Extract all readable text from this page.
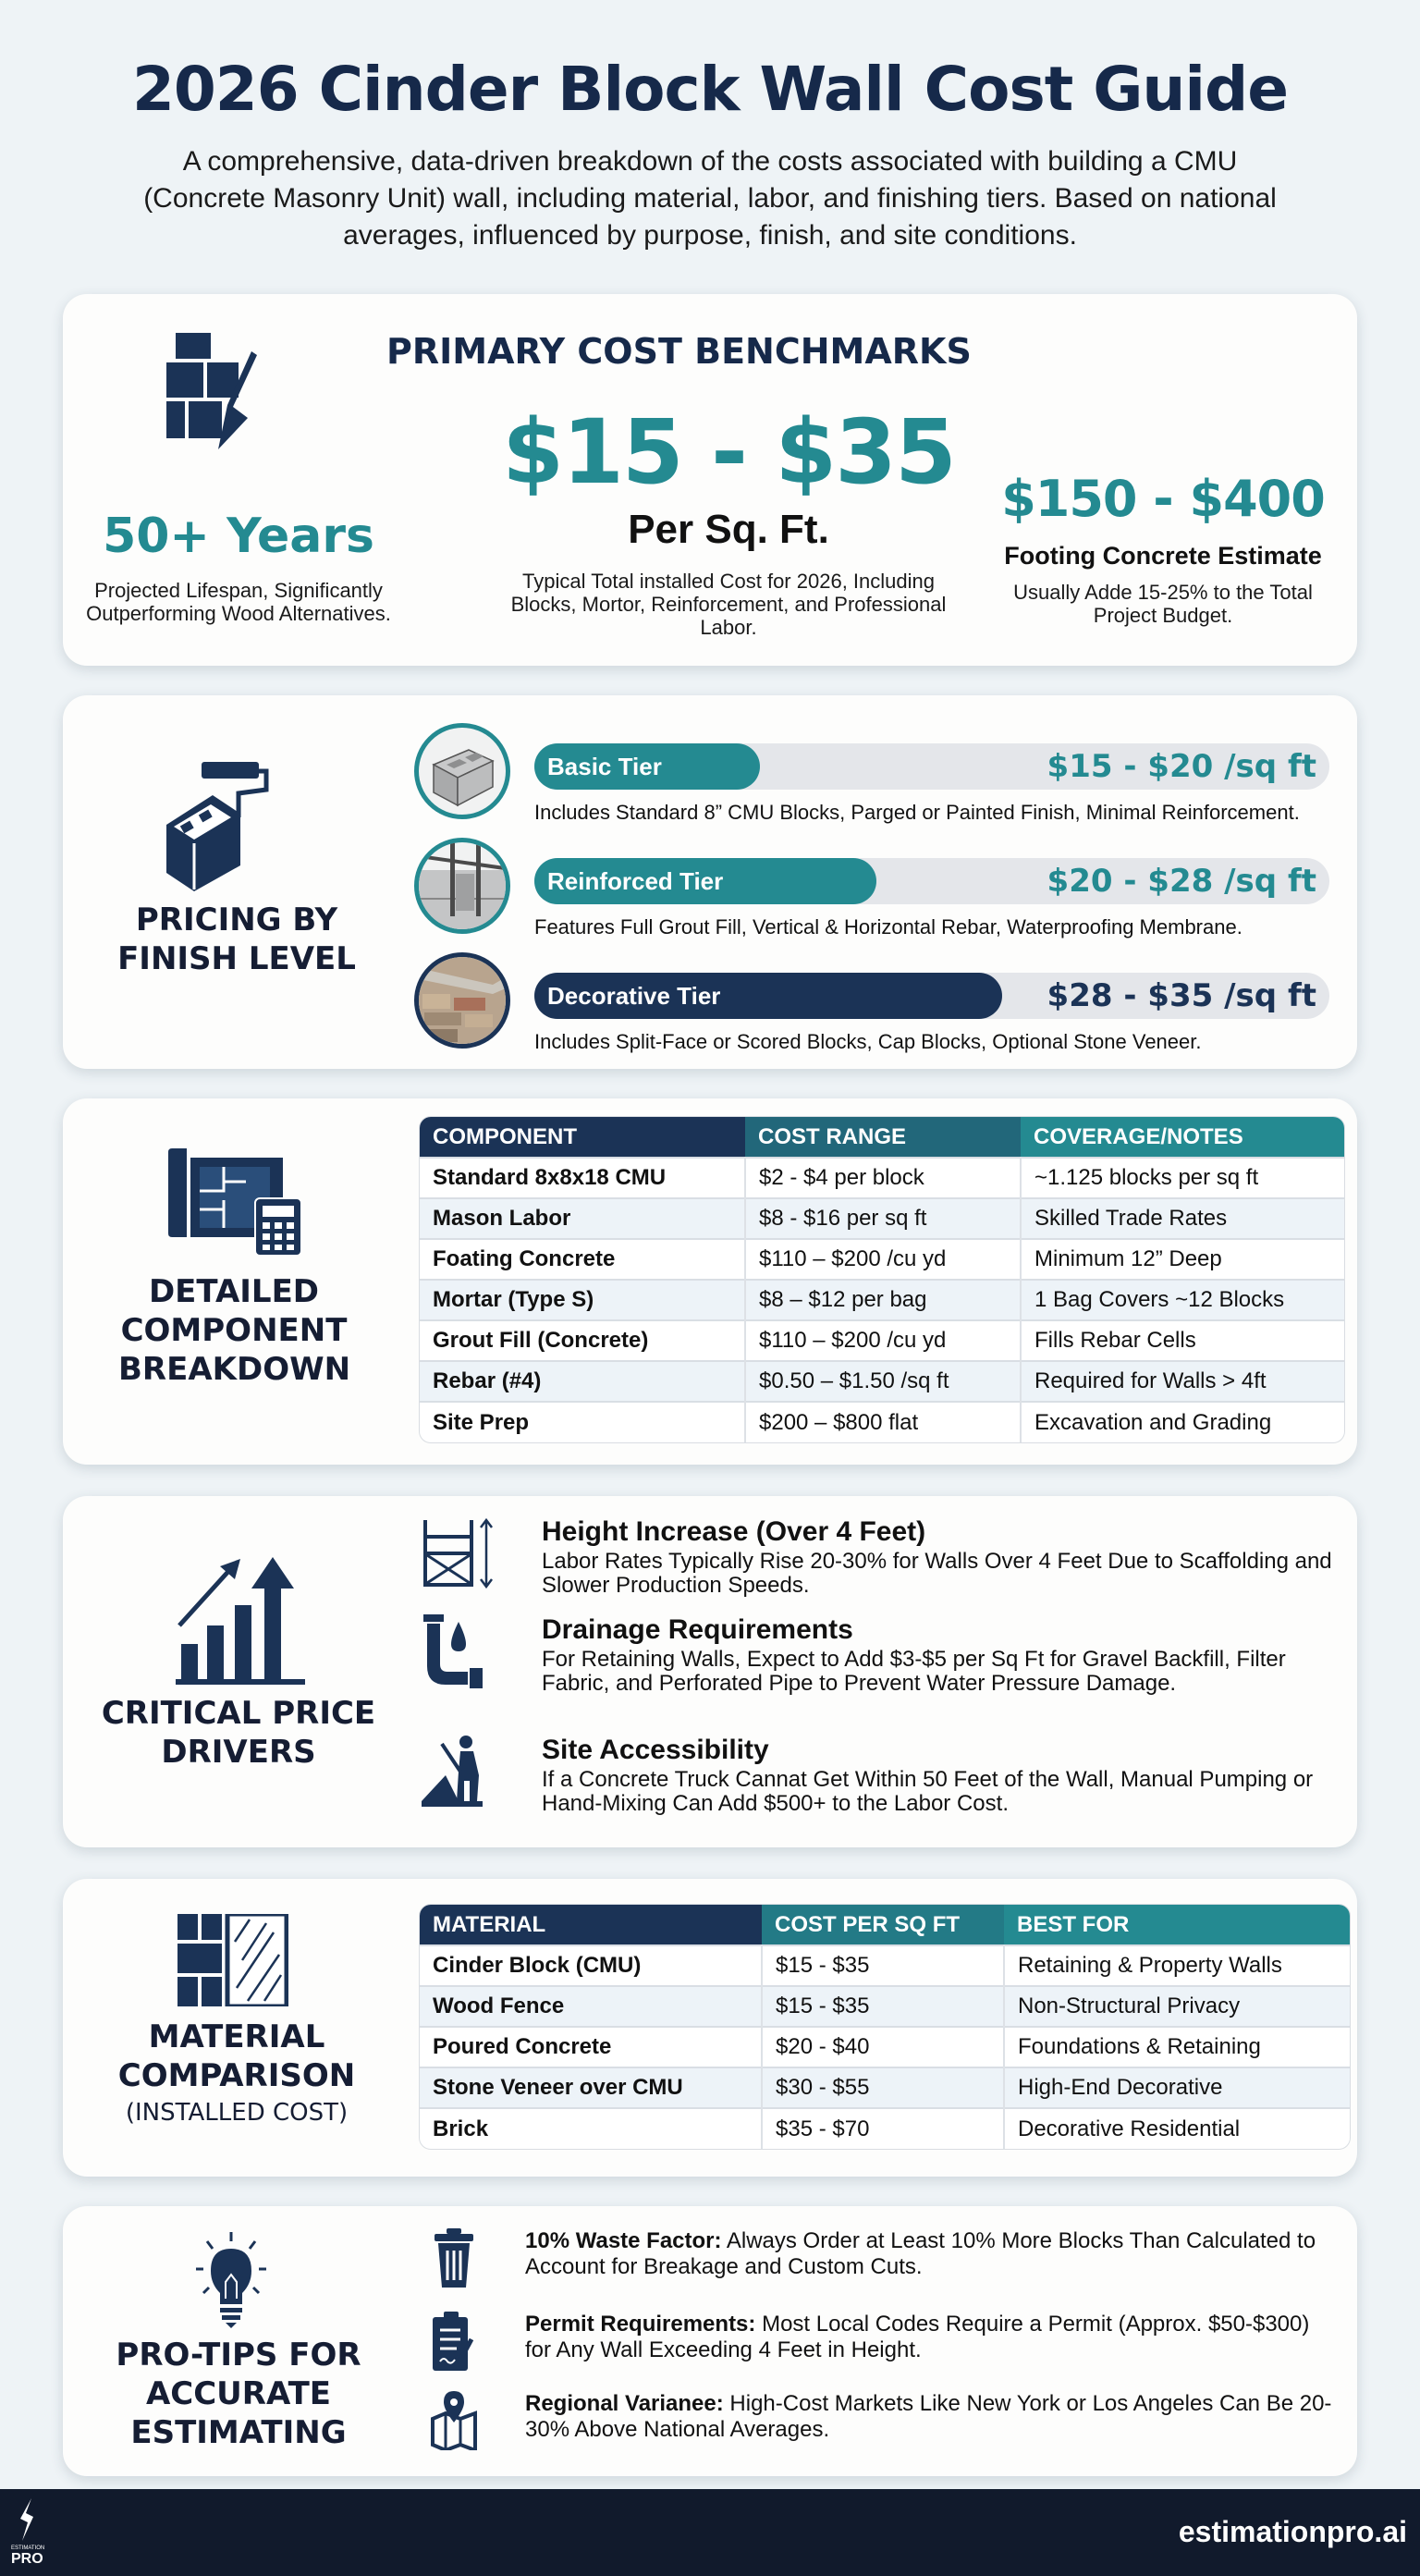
2026 Cinder Block Wall Cost Guide

A comprehensive, data-driven breakdown of the costs associated with building a CMU (Concrete Masonry Unit) wall, including material, labor, and finishing tiers. Based on national averages, influenced by purpose, finish, and site conditions.

PRIMARY COST BENCHMARKS
50+ Years
Projected Lifespan, Significantly Outperforming Wood Alternatives.
$15 - $35
Per Sq. Ft.
Typical Total installed Cost for 2026, Including Blocks, Mortor, Reinforcement, and Professional Labor.
$150 - $400
Footing Concrete Estimate
Usually Adde 15-25% to the Total Project Budget.
PRICING BY FINISH LEVEL
Basic Tier	$15 - $20 /sq ft
Includes Standard 8” CMU Blocks, Parged or Painted Finish, Minimal Reinforcement.
Reinforced Tier	$20 - $28 /sq ft
Features Full Grout Fill, Vertical & Horizontal Rebar, Waterproofing Membrane.
Decorative Tier	$28 - $35 /sq ft
Includes Split-Face or Scored Blocks, Cap Blocks, Optional Stone Veneer.
DETAILED COMPONENT BREAKDOWN
COMPONENT	COST RANGE	COVERAGE/NOTES
Standard 8x8x18 CMU	$2 - $4 per block	~1.125 blocks per sq ft
Mason Labor	$8 - $16 per sq ft	Skilled Trade Rates
Foating Concrete	$110 – $200 /cu yd	Minimum 12” Deep
Mortar (Type S)	$8 – $12 per bag	1 Bag Covers ~12 Blocks
Grout Fill (Concrete)	$110 – $200 /cu yd	Fills Rebar Cells
Rebar (#4)	$0.50 – $1.50 /sq ft	Required for Walls > 4ft
Site Prep	$200 – $800 flat	Excavation and Grading
CRITICAL PRICE DRIVERS
Height Increase (Over 4 Feet)

Labor Rates Typically Rise 20-30% for Walls Over 4 Feet Due to Scaffolding and Slower Production Speeds.

Drainage Requirements

For Retaining Walls, Expect to Add $3-$5 per Sq Ft for Gravel Backfill, Filter Fabric, and Perforated Pipe to Prevent Water Pressure Damage.

Site Accessibility

If a Concrete Truck Cannat Get Within 50 Feet of the Wall, Manual Pumping or Hand-Mixing Can Add $500+ to the Labor Cost.

MATERIAL COMPARISON
(INSTALLED COST)
MATERIAL	COST PER SQ FT	BEST FOR
Cinder Block (CMU)	$15 - $35	Retaining & Property Walls
Wood Fence	$15 - $35	Non-Structural Privacy
Poured Concrete	$20 - $40	Foundations & Retaining
Stone Veneer over CMU	$30 - $55	High-End Decorative
Brick	$35 - $70	Decorative Residential
PRO-TIPS FOR ACCURATE ESTIMATING

10% Waste Factor: Always Order at Least 10% More Blocks Than Calculated to Account for Breakage and Custom Cuts.

Permit Requirements: Most Local Codes Require a Permit (Approx. $50-$300) for Any Wall Exceeding 4 Feet in Height.

Regional Varianee: High-Cost Markets Like New York or Los Angeles Can Be 20-30% Above National Averages.

ESTIMATION
PRO
estimationpro.ai
